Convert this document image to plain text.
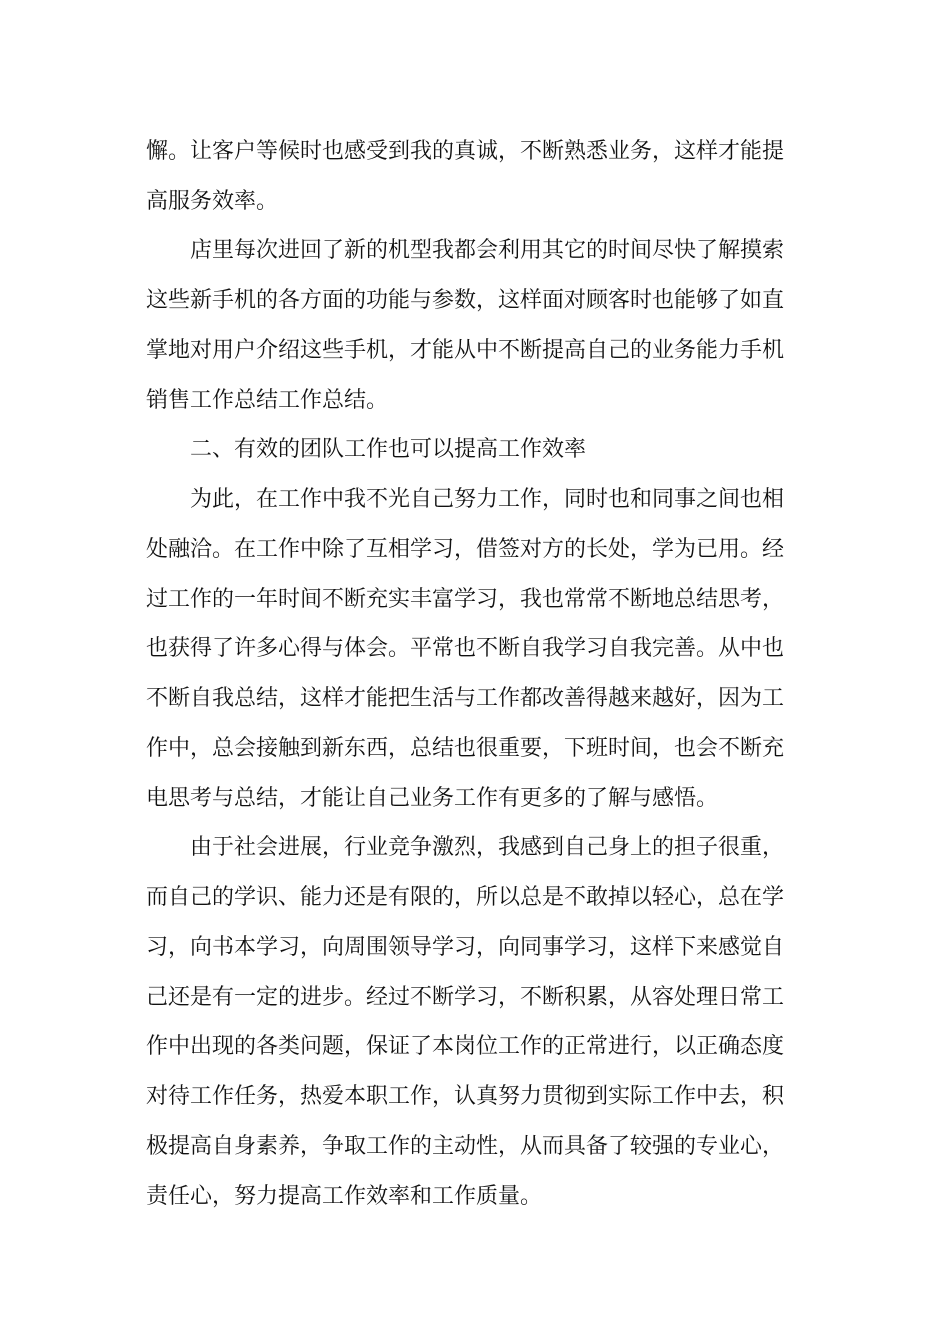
懈。让客户等候时也感受到我的真诚，不断熟悉业务，这样才能提

高服务效率。

店里每次进回了新的机型我都会利用其它的时间尽快了解摸索

这些新手机的各方面的功能与参数，这样面对顾客时也能够了如直

掌地对用户介绍这些手机，才能从中不断提高自己的业务能力手机

销售工作总结工作总结。

二、有效的团队工作也可以提高工作效率

为此，在工作中我不光自己努力工作，同时也和同事之间也相

处融洽。在工作中除了互相学习，借签对方的长处，学为已用。经

过工作的一年时间不断充实丰富学习，我也常常不断地总结思考，

也获得了许多心得与体会。平常也不断自我学习自我完善。从中也

不断自我总结，这样才能把生活与工作都改善得越来越好，因为工

作中，总会接触到新东西，总结也很重要，下班时间，也会不断充

电思考与总结，才能让自己业务工作有更多的了解与感悟。

由于社会进展，行业竞争激烈，我感到自己身上的担子很重，

而自己的学识、能力还是有限的，所以总是不敢掉以轻心，总在学

习，向书本学习，向周围领导学习，向同事学习，这样下来感觉自

己还是有一定的进步。经过不断学习，不断积累，从容处理日常工

作中出现的各类问题，保证了本岗位工作的正常进行，以正确态度

对待工作任务，热爱本职工作，认真努力贯彻到实际工作中去，积

极提高自身素养，争取工作的主动性，从而具备了较强的专业心，

责任心，努力提高工作效率和工作质量。
